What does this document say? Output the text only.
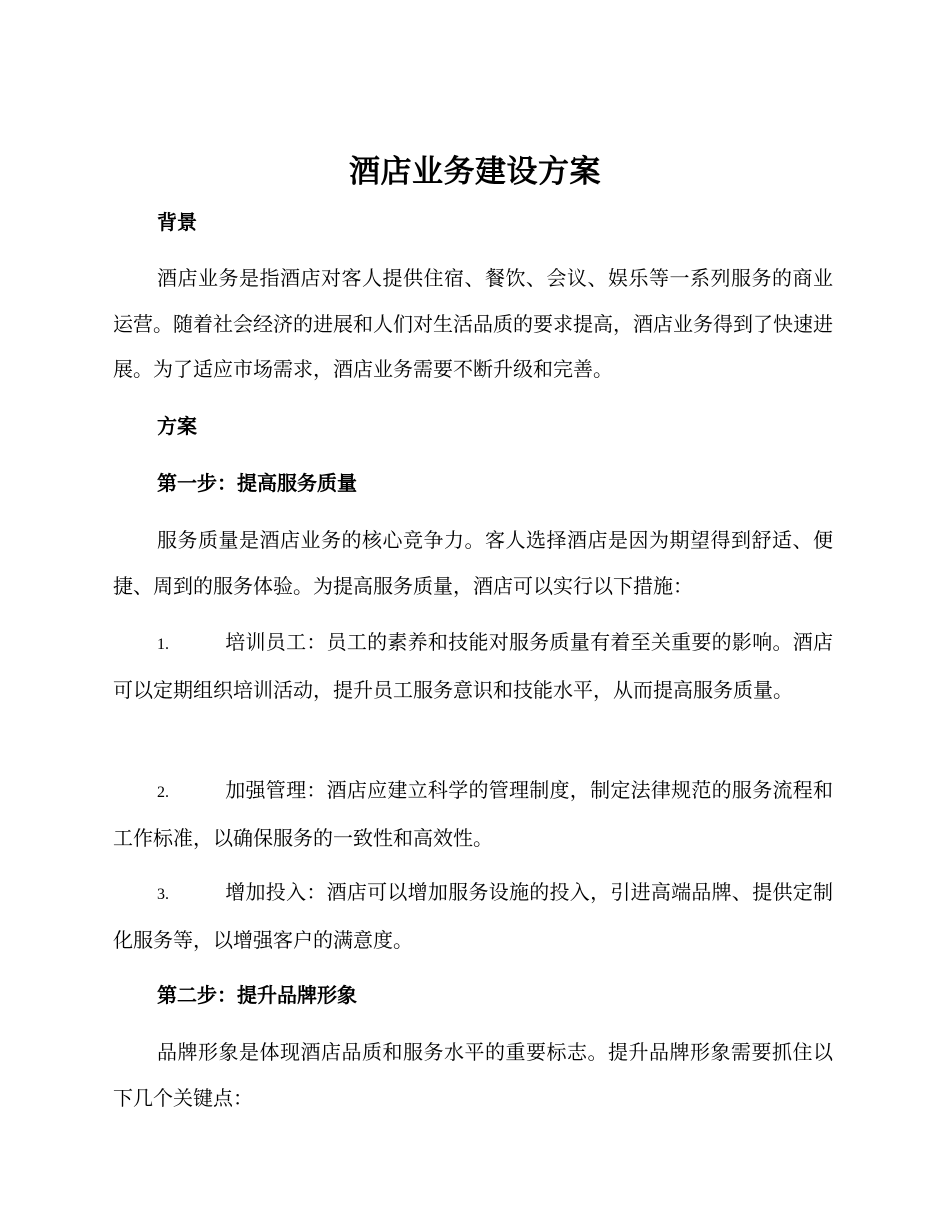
酒店业务建设方案
背景

酒店业务是指酒店对客人提供住宿、餐饮、会议、娱乐等一系列服务的商业运营。随着社会经济的进展和人们对生活品质的要求提高，酒店业务得到了快速进展。为了适应市场需求，酒店业务需要不断升级和完善。

方案
第一步：提高服务质量

服务质量是酒店业务的核心竞争力。客人选择酒店是因为期望得到舒适、便捷、周到的服务体验。为提高服务质量，酒店可以实行以下措施：

1.	培训员工：员工的素养和技能对服务质量有着至关重要的影响。酒店可以定期组织培训活动，提升员工服务意识和技能水平，从而提高服务质量。

2.	加强管理：酒店应建立科学的管理制度，制定法律规范的服务流程和工作标准，以确保服务的一致性和高效性。

3.	增加投入：酒店可以增加服务设施的投入，引进高端品牌、提供定制化服务等，以增强客户的满意度。

第二步：提升品牌形象

品牌形象是体现酒店品质和服务水平的重要标志。提升品牌形象需要抓住以下几个关键点：
